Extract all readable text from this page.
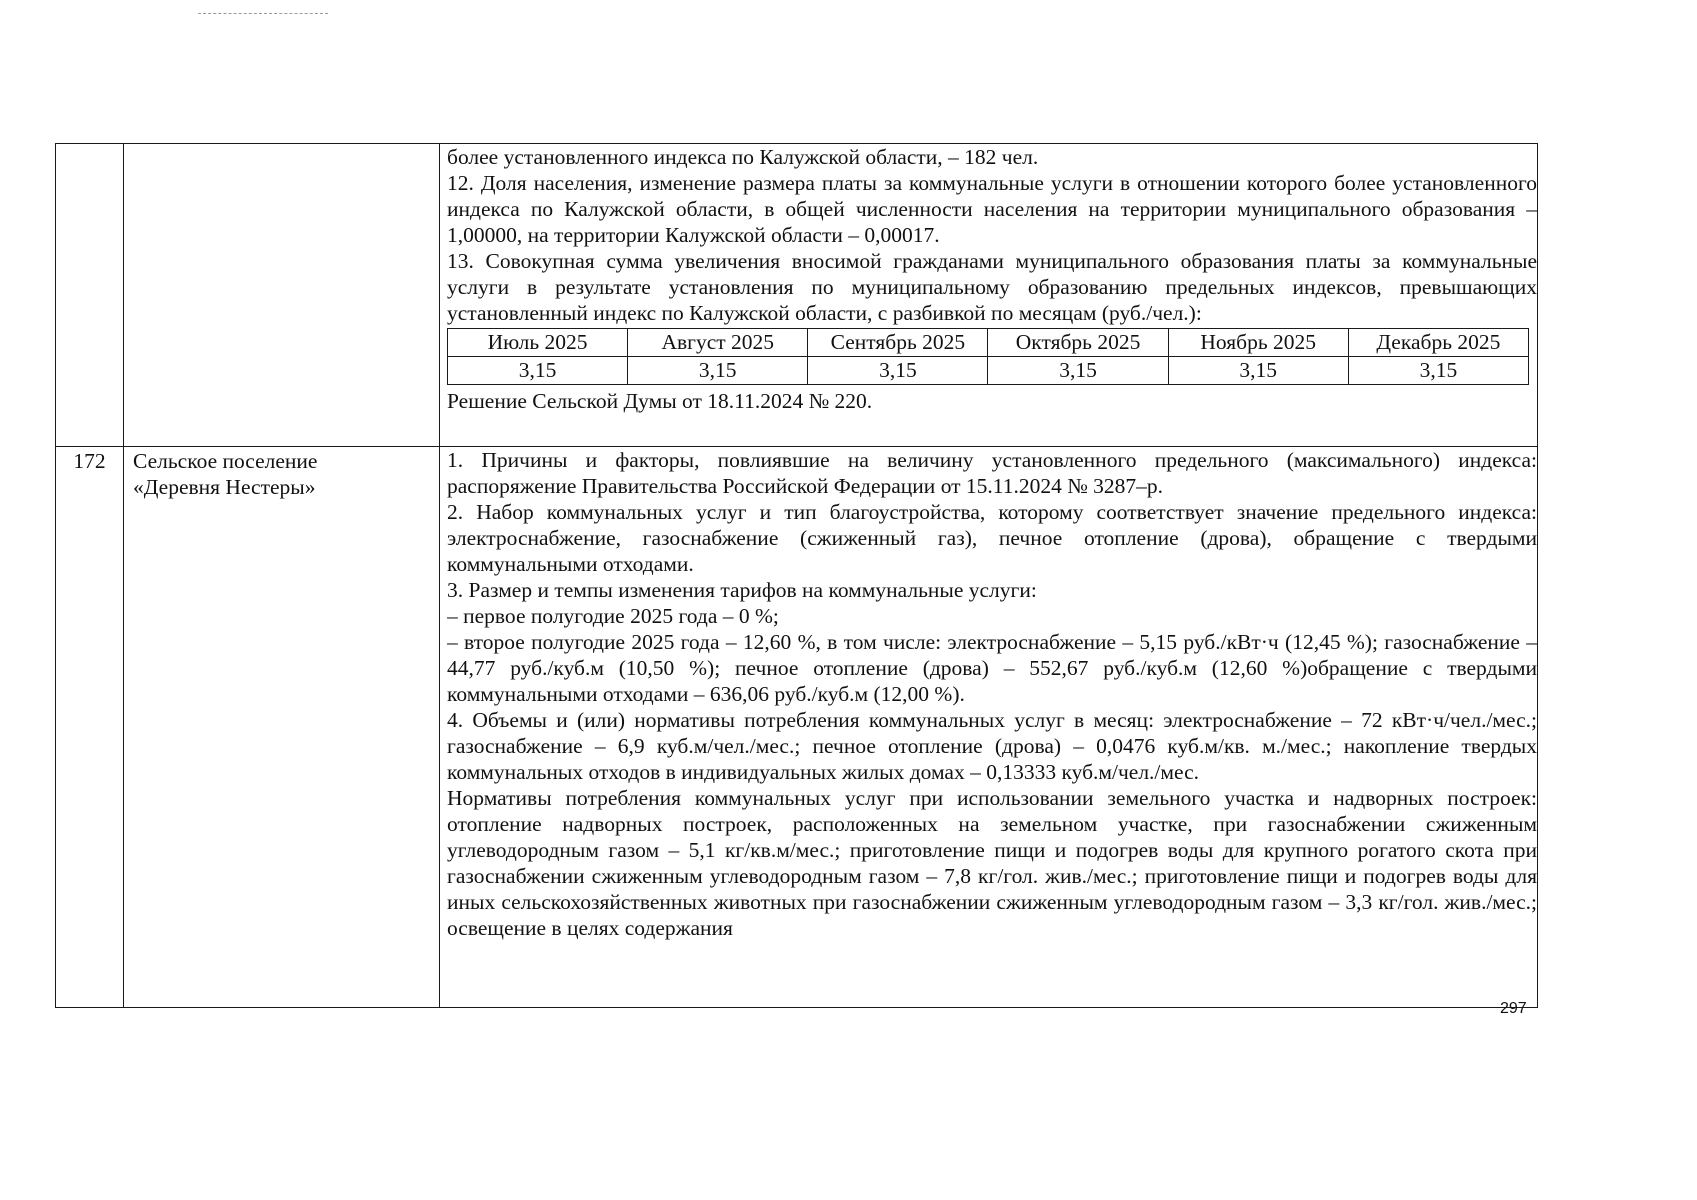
более установленного индекса по Калужской области, – 182 чел.

12. Доля населения, изменение размера платы за коммунальные услуги в отношении которого более установленного индекса по Калужской области, в общей численности населения на территории муниципального образования – 1,00000, на территории Калужской области – 0,00017.

13. Совокупная сумма увеличения вносимой гражданами муниципального образования платы за коммунальные услуги в результате установления по муниципальному образованию предельных индексов, превышающих установленный индекс по Калужской области, с разбивкой по месяцам (руб./чел.):

Июль 2025	Август 2025	Сентябрь 2025	Октябрь 2025	Ноябрь 2025	Декабрь 2025
3,15	3,15	3,15	3,15	3,15	3,15

Решение Сельской Думы от 18.11.2024 № 220.

172	Сельское поселение
«Деревня Нестеры»

1. Причины и факторы, повлиявшие на величину установленного предельного (максимального) индекса: распоряжение Правительства Российской Федерации от 15.11.2024 № 3287–р.

2. Набор коммунальных услуг и тип благоустройства, которому соответствует значение предельного индекса: электроснабжение, газоснабжение (сжиженный газ), печное отопление (дрова), обращение с твердыми коммунальными отходами.

3. Размер и темпы изменения тарифов на коммунальные услуги:

– первое полугодие 2025 года – 0 %;

– второе полугодие 2025 года – 12,60 %, в том числе: электроснабжение – 5,15 руб./кВт·ч (12,45 %); газоснабжение – 44,77 руб./куб.м (10,50 %); печное отопление (дрова) – 552,67 руб./куб.м (12,60 %)обращение с твердыми коммунальными отходами – 636,06 руб./куб.м (12,00 %).

4. Объемы и (или) нормативы потребления коммунальных услуг в месяц: электроснабжение – 72 кВт·ч/чел./мес.; газоснабжение – 6,9 куб.м/чел./мес.; печное отопление (дрова) – 0,0476 куб.м/кв. м./мес.; накопление твердых коммунальных отходов в индивидуальных жилых домах – 0,13333 куб.м/чел./мес.

Нормативы потребления коммунальных услуг при использовании земельного участка и надворных построек: отопление надворных построек, расположенных на земельном участке, при газоснабжении сжиженным углеводородным газом – 5,1 кг/кв.м/мес.; приготовление пищи и подогрев воды для крупного рогатого скота при газоснабжении сжиженным углеводородным газом – 7,8 кг/гол. жив./мес.; приготовление пищи и подогрев воды для иных сельскохозяйственных животных при газоснабжении сжиженным углеводородным газом – 3,3 кг/гол. жив./мес.; освещение в целях содержания

297
